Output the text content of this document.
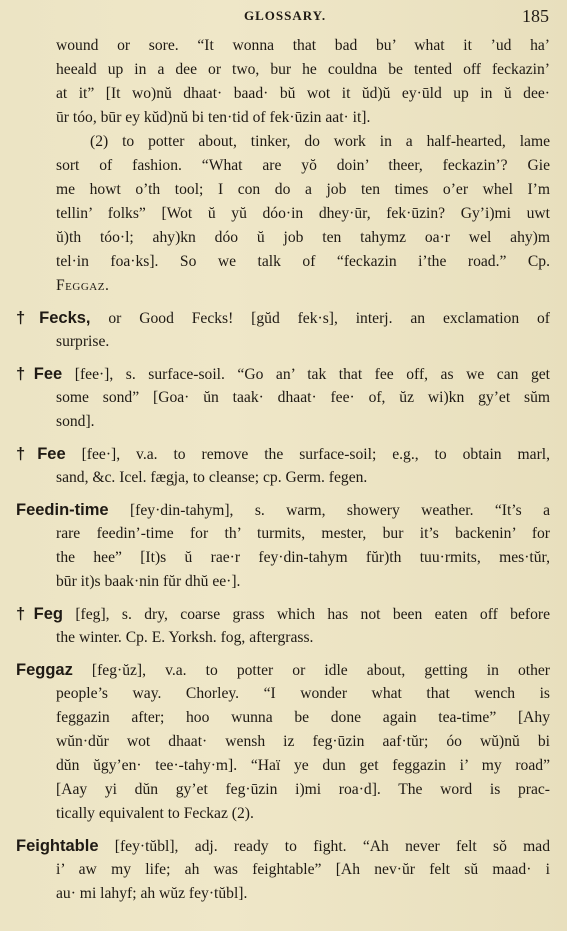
GLOSSARY.	185
wound or sore. “It wonna that bad bu’ what it ’ud ha’
heeald up in a dee or two, bur he couldna be tented off feckazin’
at it” [It wo)nŭ dhaat· baad· bŭ wot it ŭd)ŭ ey·ūld up in ŭ dee·
ūr tóo, būr ey kŭd)nŭ bi ten·tid of fek·ūzin aat· it].
(2) to potter about, tinker, do work in a half-hearted, lame
sort of fashion. “What are yŏ doin’ theer, feckazin’? Gie
me howt o’th tool; I con do a job ten times o’er whel I’m
tellin’ folks” [Wot ŭ yŭ dóo·in dhey·ūr, fek·ūzin? Gy’i)mi uwt
ŭ)th tóo·l; ahy)kn dóo ŭ job ten tahymz oa·r wel ahy)m
tel·in foa·ks]. So we talk of “feckazin i’the road.” Cp.
Feggaz.
†Fecks, or Good Fecks! [gŭd fek·s], interj. an exclamation of
surprise.
†Fee [fee·], s. surface-soil. “Go an’ tak that fee off, as we can get
some sond” [Goa· ŭn taak· dhaat· fee· of, ŭz wi)kn gy’et sŭm
sond].
†Fee [fee·], v.a. to remove the surface-soil; e.g., to obtain marl,
sand, &c. Icel. fægja, to cleanse; cp. Germ. fegen.
Feedin-time [fey·din-tahym], s. warm, showery weather. “It’s a
rare feedin’-time for th’ turmits, mester, bur it’s backenin’ for
the hee” [It)s ŭ rae·r fey·din-tahym fŭr)th tuu·rmits, mes·tŭr,
būr it)s baak·nin fŭr dhŭ ee·].
†Feg [feg], s. dry, coarse grass which has not been eaten off before
the winter. Cp. E. Yorksh. fog, aftergrass.
Feggaz [feg·ŭz], v.a. to potter or idle about, getting in other
people’s way. Chorley. “I wonder what that wench is
feggazin after; hoo wunna be done again tea-time” [Ahy
wŭn·dŭr wot dhaat· wensh iz feg·ūzin aaf·tŭr; óo wŭ)nŭ bi
dŭn ŭgy’en· tee·-tahy·m]. “Haï ye dun get feggazin i’ my road”
[Aay yi dŭn gy’et feg·ūzin i)mi roa·d]. The word is prac-
tically equivalent to Feckaz (2).
Feightable [fey·tŭbl], adj. ready to fight. “Ah never felt sŏ mad
i’ aw my life; ah was feightable” [Ah nev·ŭr felt sŭ maad· i
au· mi lahyf; ah wŭz fey·tŭbl].
